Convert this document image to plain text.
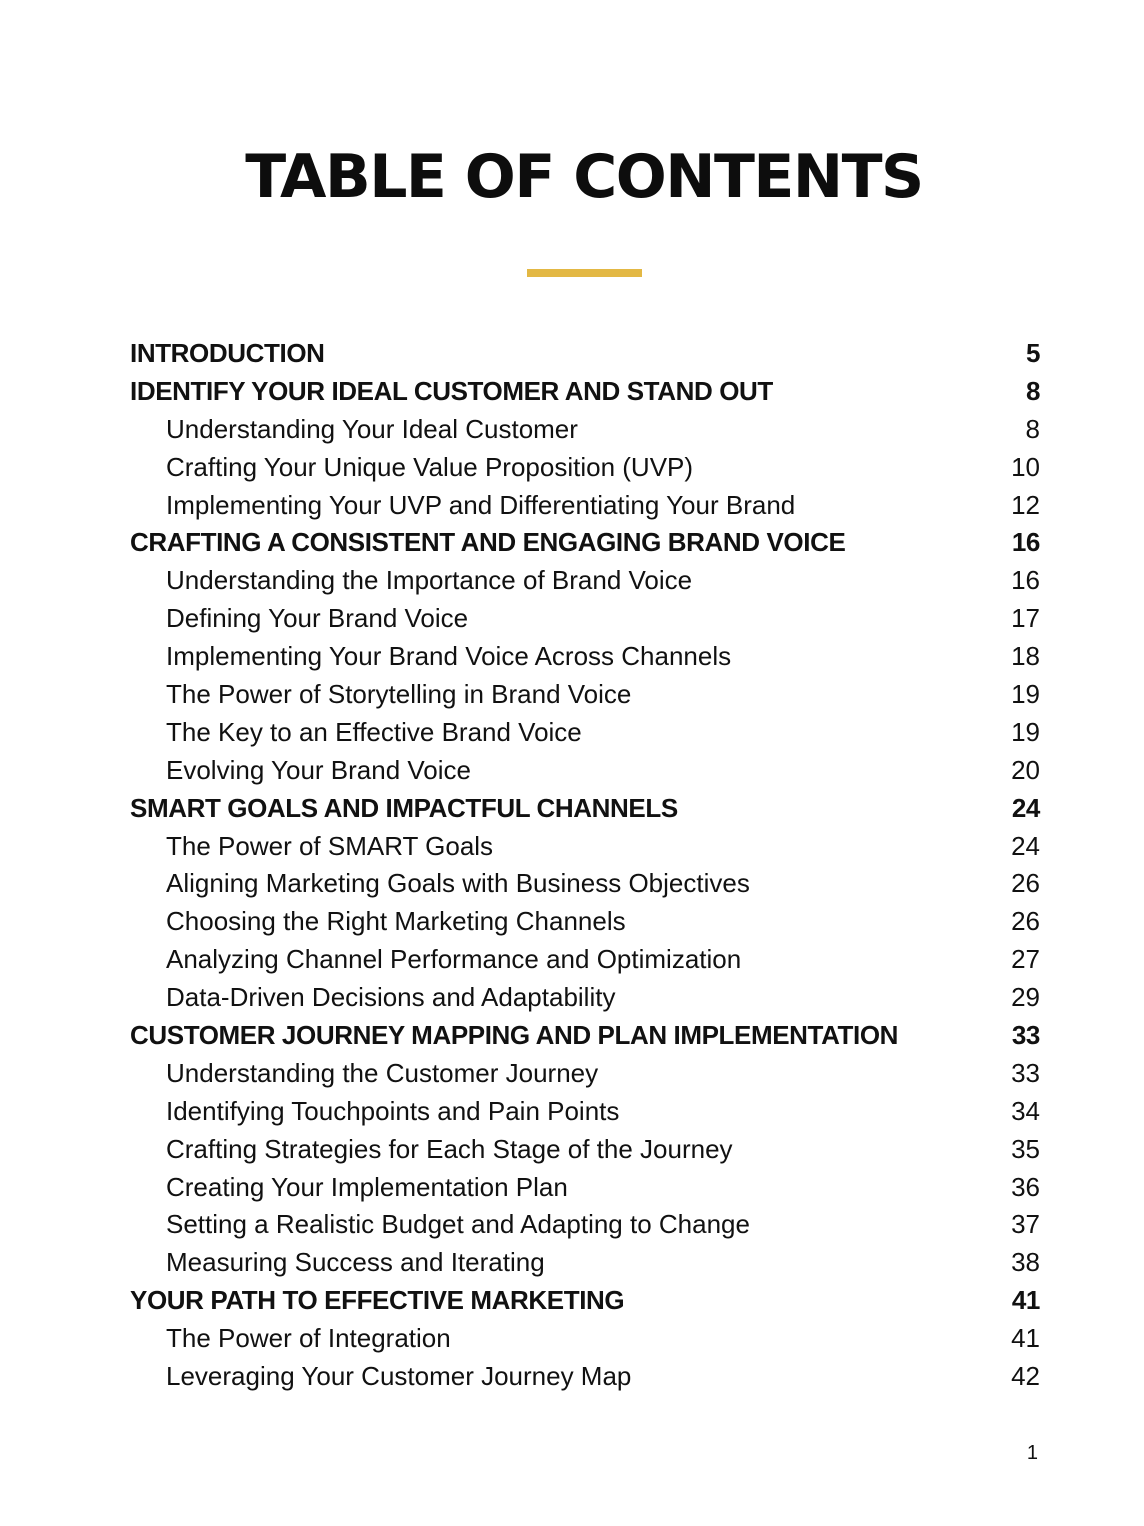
TABLE OF CONTENTS
INTRODUCTION	5
IDENTIFY YOUR IDEAL CUSTOMER AND STAND OUT	8
Understanding Your Ideal Customer	8
Crafting Your Unique Value Proposition (UVP)	10
Implementing Your UVP and Differentiating Your Brand	12
CRAFTING A CONSISTENT AND ENGAGING BRAND VOICE	16
Understanding the Importance of Brand Voice	16
Defining Your Brand Voice	17
Implementing Your Brand Voice Across Channels	18
The Power of Storytelling in Brand Voice	19
The Key to an Effective Brand Voice	19
Evolving Your Brand Voice	20
SMART GOALS AND IMPACTFUL CHANNELS	24
The Power of SMART Goals	24
Aligning Marketing Goals with Business Objectives	26
Choosing the Right Marketing Channels	26
Analyzing Channel Performance and Optimization	27
Data-Driven Decisions and Adaptability	29
CUSTOMER JOURNEY MAPPING AND PLAN IMPLEMENTATION	33
Understanding the Customer Journey	33
Identifying Touchpoints and Pain Points	34
Crafting Strategies for Each Stage of the Journey	35
Creating Your Implementation Plan	36
Setting a Realistic Budget and Adapting to Change	37
Measuring Success and Iterating	38
YOUR PATH TO EFFECTIVE MARKETING	41
The Power of Integration	41
Leveraging Your Customer Journey Map	42
1
